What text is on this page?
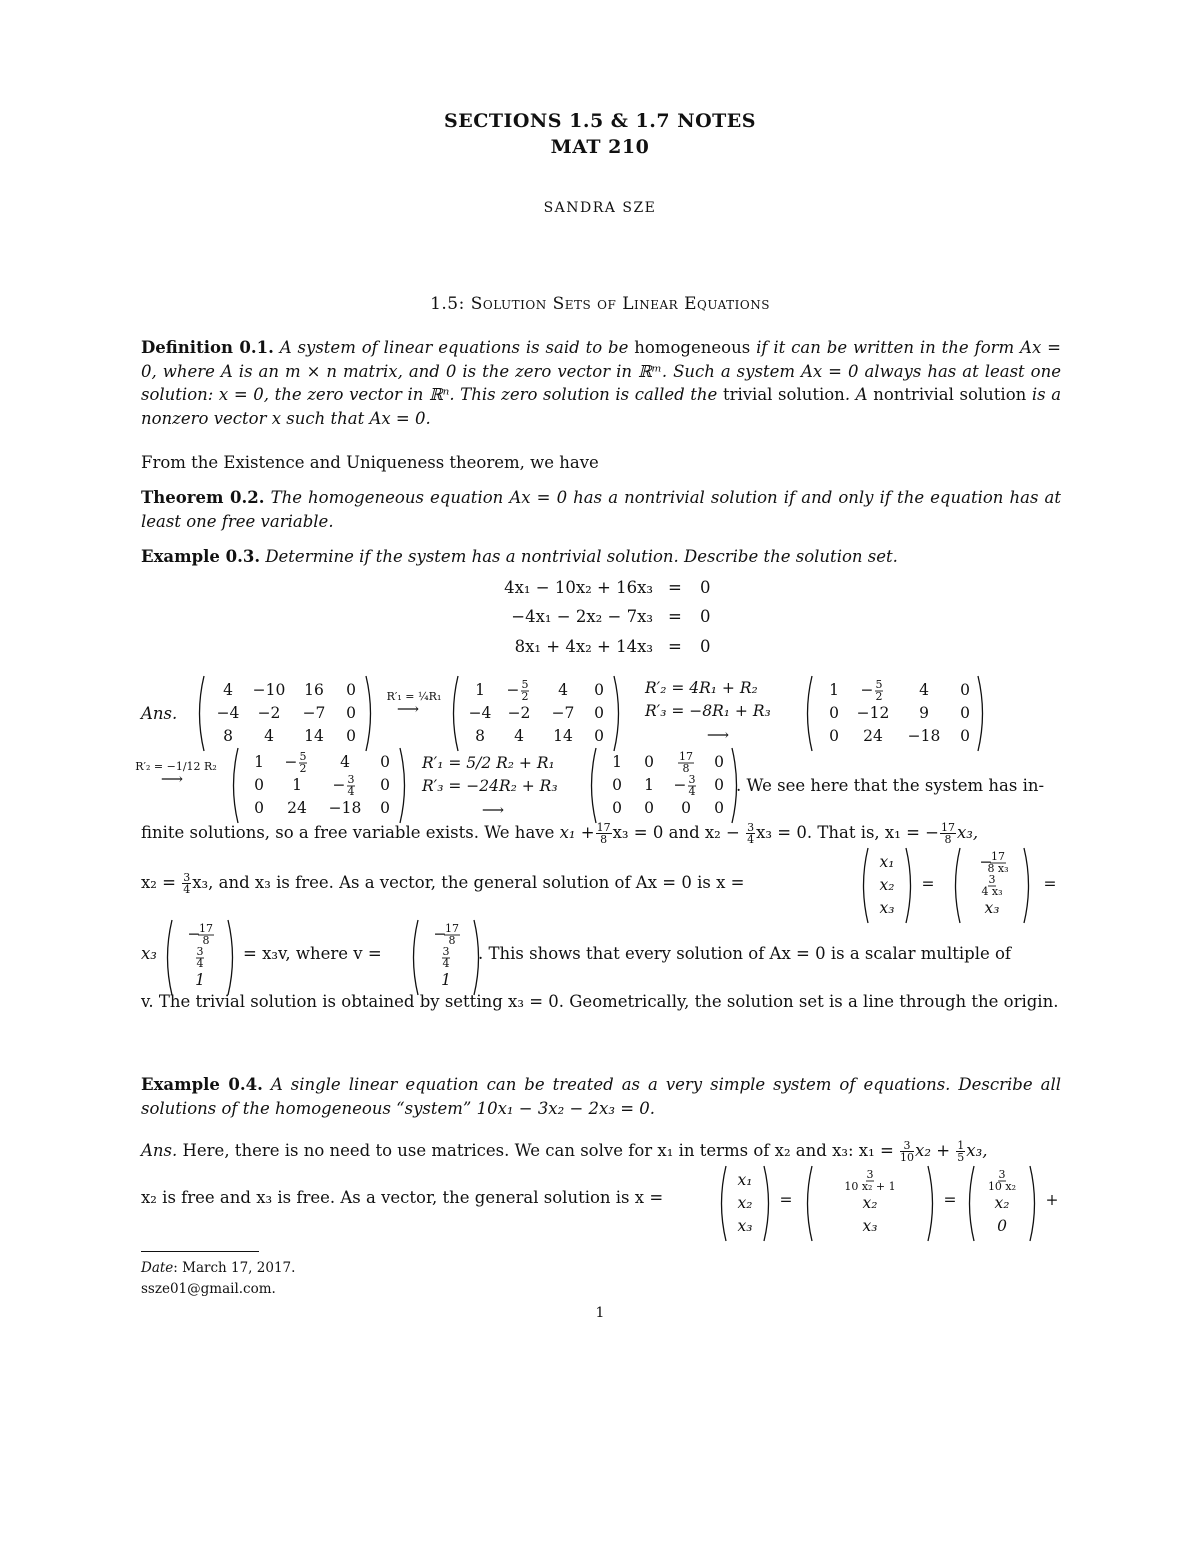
SECTIONS 1.5 & 1.7 NOTES
MAT 210
SANDRA SZE
1.5: Solution Sets of Linear Equations
Definition 0.1. A system of linear equations is said to be homogeneous if it can be written in the form Ax = 0, where A is an m × n matrix, and 0 is the zero vector in ℝᵐ. Such a system Ax = 0 always has at least one solution: x = 0, the zero vector in ℝⁿ. This zero solution is called the trivial solution. A nontrivial solution is a nonzero vector x such that Ax = 0.
From the Existence and Uniqueness theorem, we have
Theorem 0.2. The homogeneous equation Ax = 0 has a nontrivial solution if and only if the equation has at least one free variable.
Example 0.3. Determine if the system has a nontrivial solution. Describe the solution set.
4x₁ − 10x₂ + 16x₃ = 0
−4x₁ − 2x₂ − 7x₃ = 0
8x₁ + 4x₂ + 14x₃ = 0
Ans.
4 −10 16 0
−4 −2 −7 0
8 4 14 0
R′₁ = ¼R₁
⟶
1 − 5
2 4 0
−4 −2 −7 0
8 4 14 0
R′₂ = 4R₁ + R₂
R′₃ = −8R₁ + R₃
⟶
1 − 5
2 4 0
0 −12 9 0
0 24 −18 0
R′₂ = −1/12 R₂
⟶
1 − 5
2 4 0
0 1 − 3
4 0
0 24 −18 0
R′₁ = 5/2 R₂ + R₁
R′₃ = −24R₂ + R₃
⟶
1 0 17
8 0
0 1 − 3
4 0
0 0 0 0
x₁
x₂
x₃
=
−
17
8 x₃
3
4 x₃
x₃
=
−
17
8
3
4
1
−
17
8
3
4
1
x₁
x₂
x₃
=
3
10 x₂ + 1
x₂
x₃
=
3
10 x₂
x₂
0
+
. We see here that the system has in-
finite solutions, so a free variable exists. We have $x_1 + \frac{17}{8} x_3 = 0$ and $x_2 - \frac{3}{4} x_3 = 0$. That is, x₁ = − $\frac{17}{8} x_3$,
$x_2 = \frac{3}{4} x_3$, and x₃ is free. As a vector, the general solution of Ax = 0 is x =
x₃	= x₃v, where v =	. This shows that every solution of Ax = 0 is a scalar multiple of
v. The trivial solution is obtained by setting x₃ = 0. Geometrically, the solution set is a line through the origin.
Example 0.4. A single linear equation can be treated as a very simple system of equations. Describe all solutions of the homogeneous “system” 10x₁ − 3x₂ − 2x₃ = 0.
Ans. Here, there is no need to use matrices. We can solve for x₁ in terms of x₂ and x₃: $x_1 = \frac{3}{10} x_2 + \frac{1}{5} x_3$,
x₂ is free and x₃ is free. As a vector, the general solution is x =
Date: March 17, 2017.
ssze01@gmail.com.
1
